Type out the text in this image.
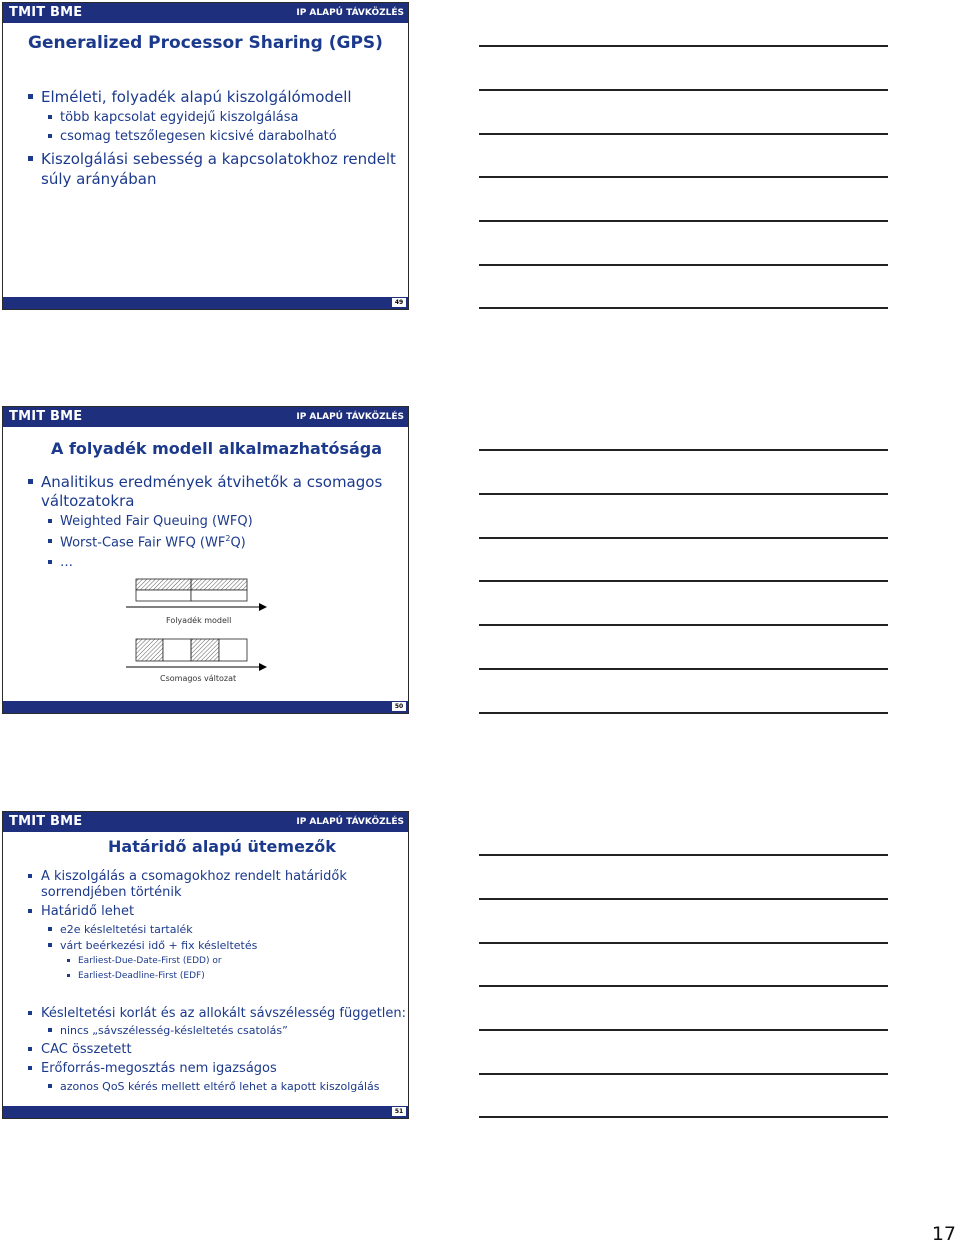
TMIT BME	IP ALAPÚ TÁVKÖZLÉS
Generalized Processor Sharing (GPS)
Elméleti, folyadék alapú kiszolgálómodell
több kapcsolat egyidejű kiszolgálása
csomag tetszőlegesen kicsivé darabolható
Kiszolgálási sebesség a kapcsolatokhoz rendelt
súly arányában
49
TMIT BME	IP ALAPÚ TÁVKÖZLÉS
A folyadék modell alkalmazhatósága
Analitikus eredmények átvihetők a csomagos
változatokra
Weighted Fair Queuing (WFQ)
Worst-Case Fair WFQ $(WF^2Q)$
…
Folyadék modell
Csomagos változat
50
TMIT BME	IP ALAPÚ TÁVKÖZLÉS
Határidő alapú ütemezők
A kiszolgálás a csomagokhoz rendelt határidők
sorrendjében történik
Határidő lehet
e2e késleltetési tartalék
várt beérkezési idő + fix késleltetés
Earliest-Due-Date-First (EDD) or
Earliest-Deadline-First (EDF)
Késleltetési korlát és az allokált sávszélesség független:
nincs „sávszélesség-késleltetés csatolás”
CAC összetett
Erőforrás-megosztás nem igazságos
azonos QoS kérés mellett eltérő lehet a kapott kiszolgálás
51
17
